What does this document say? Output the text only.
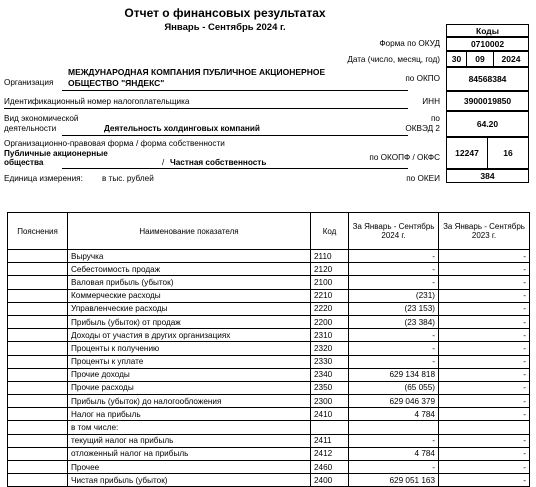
Отчет о финансовых результатах
Январь - Сентябрь 2024 г.	Коды
Форма по ОКУД	0710002
Дата (число, месяц, год)	30	09	2024
Организация
МЕЖДУНАРОДНАЯ КОМПАНИЯ ПУБЛИЧНОЕ АКЦИОНЕРНОЕ
ОБЩЕСТВО "ЯНДЕКС"	по ОКПО	84568384
Идентификационный номер налогоплательщика	ИНН	3900019850
Вид экономической
деятельности	Деятельность холдинговых компаний
по
ОКВЭД 2	64.20
Организационно-правовая форма / форма собственности
Публичные акционерные
общества	/ Частная собственность
по ОКОПФ / ОКФС	12247	16
Единица измерения: в тыс. рублей	по ОКЕИ	384
Пояснения	Наименование показателя	Код	За Январь - Сентябрь 2024 г.	За Январь - Сентябрь 2023 г.
	Выручка	2110	-	-
	Себестоимость продаж	2120	-	-
	Валовая прибыль (убыток)	2100	-	-
	Коммерческие расходы	2210	(231)	-
	Управленческие расходы	2220	(23 153)	-
	Прибыль (убыток) от продаж	2200	(23 384)	-
	Доходы от участия в других организациях	2310	-	-
	Проценты к получению	2320	-	-
	Проценты к уплате	2330	-	-
	Прочие доходы	2340	629 134 818	-
	Прочие расходы	2350	(65 055)	-
	Прибыль (убыток) до налогообложения	2300	629 046 379	-
	Налог на прибыль	2410	4 784	-
	в том числе:			
	текущий налог на прибыль	2411	-	-
	отложенный налог на прибыль	2412	4 784	-
	Прочее	2460	-	-
	Чистая прибыль (убыток)	2400	629 051 163	-
